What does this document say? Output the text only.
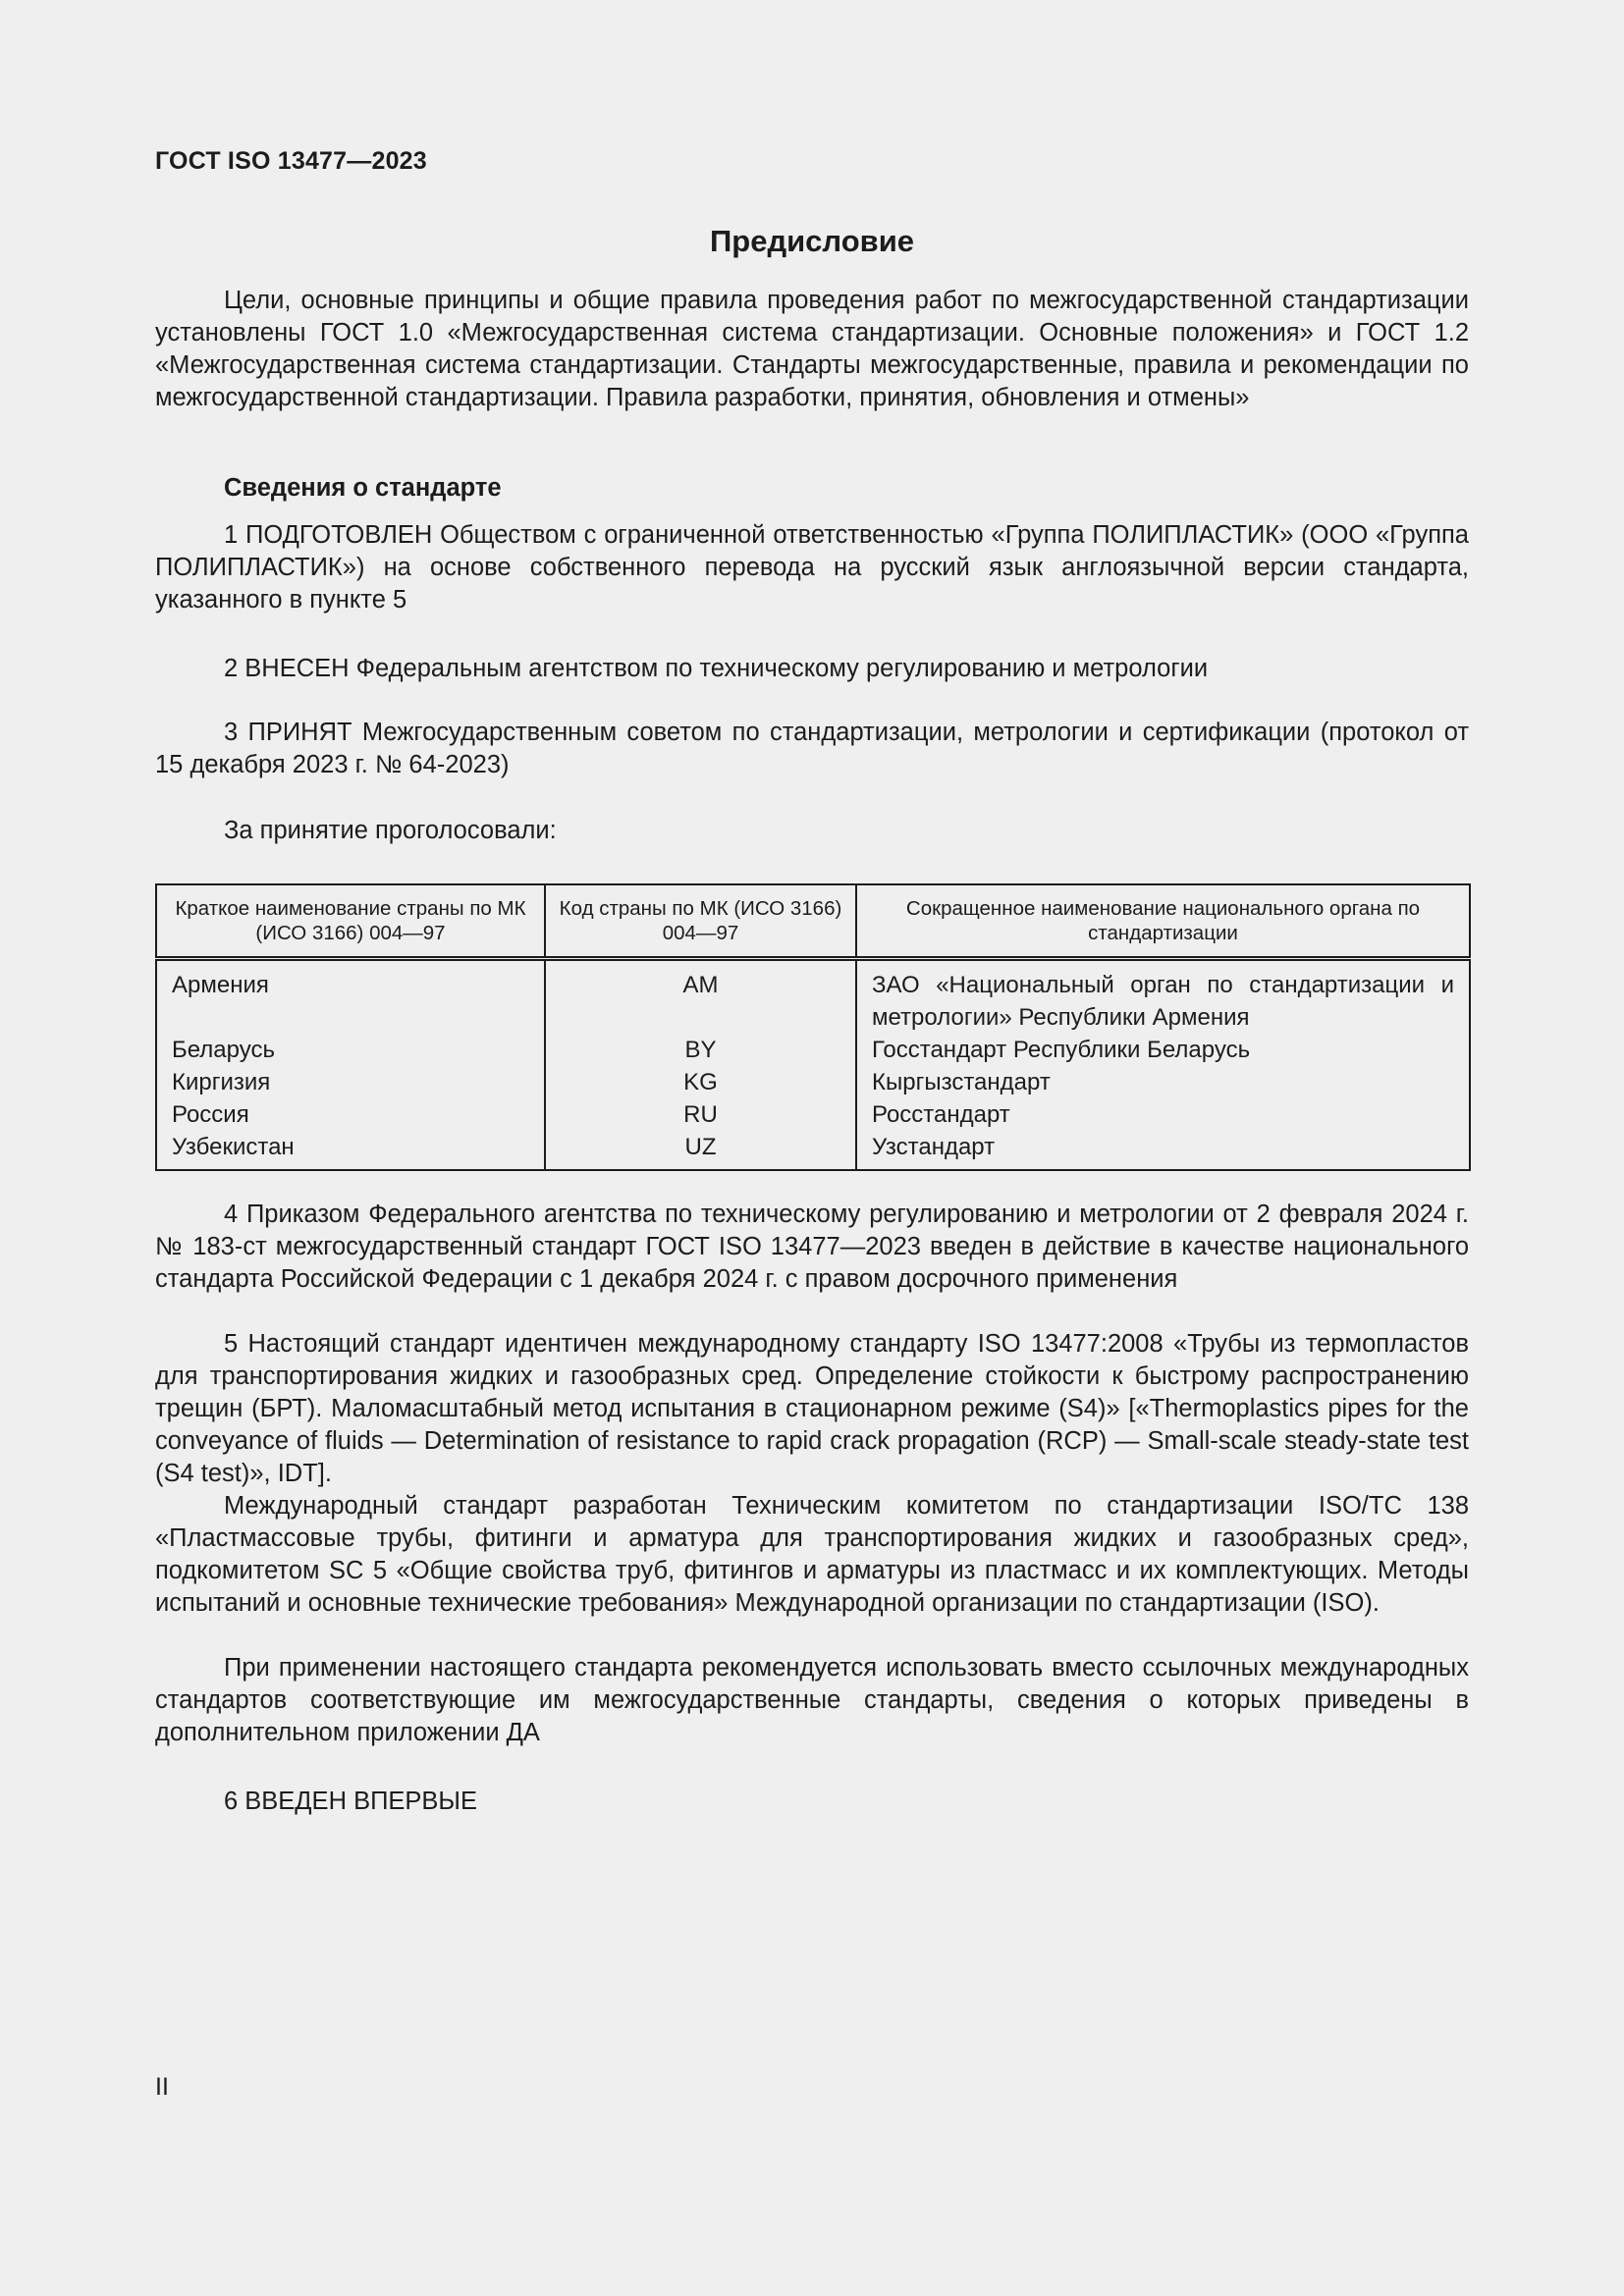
ГОСТ ISO 13477—2023
Предисловие

Цели, основные принципы и общие правила проведения работ по межгосударственной стандартизации установлены ГОСТ 1.0 «Межгосударственная система стандартизации. Основные положения» и ГОСТ 1.2 «Межгосударственная система стандартизации. Стандарты межгосударственные, правила и рекомендации по межгосударственной стандартизации. Правила разработки, принятия, обновления и отмены»

Сведения о стандарте

1 ПОДГОТОВЛЕН Обществом с ограниченной ответственностью «Группа ПОЛИПЛАСТИК» (ООО «Группа ПОЛИПЛАСТИК») на основе собственного перевода на русский язык англоязычной версии стандарта, указанного в пункте 5

2 ВНЕСЕН Федеральным агентством по техническому регулированию и метрологии

3 ПРИНЯТ Межгосударственным советом по стандартизации, метрологии и сертификации (протокол от 15 декабря 2023 г. № 64-2023)

За принятие проголосовали:

Краткое наименование страны по МК (ИСО 3166) 004—97	Код страны по МК (ИСО 3166) 004—97	Сокращенное наименование национального органа по стандартизации
Армения	AM	ЗАО «Национальный орган по стандартизации и метрологии» Республики Армения
Беларусь	BY	Госстандарт Республики Беларусь
Киргизия	KG	Кыргызстандарт
Россия	RU	Росстандарт
Узбекистан	UZ	Узстандарт

4 Приказом Федерального агентства по техническому регулированию и метрологии от 2 февраля 2024 г. № 183-ст межгосударственный стандарт ГОСТ ISO 13477—2023 введен в действие в качестве национального стандарта Российской Федерации с 1 декабря 2024 г. с правом досрочного применения

5 Настоящий стандарт идентичен международному стандарту ISO 13477:2008 «Трубы из термопластов для транспортирования жидких и газообразных сред. Определение стойкости к быстрому распространению трещин (БРТ). Маломасштабный метод испытания в стационарном режиме (S4)» [«Thermoplastics pipes for the conveyance of fluids — Determination of resistance to rapid crack propagation (RCP) — Small-scale steady-state test (S4 test)», IDT].

Международный стандарт разработан Техническим комитетом по стандартизации ISO/TC 138 «Пластмассовые трубы, фитинги и арматура для транспортирования жидких и газообразных сред», подкомитетом SC 5 «Общие свойства труб, фитингов и арматуры из пластмасс и их комплектующих. Методы испытаний и основные технические требования» Международной организации по стандартизации (ISO).

При применении настоящего стандарта рекомендуется использовать вместо ссылочных международных стандартов соответствующие им межгосударственные стандарты, сведения о которых приведены в дополнительном приложении ДА

6 ВВЕДЕН ВПЕРВЫЕ

II
